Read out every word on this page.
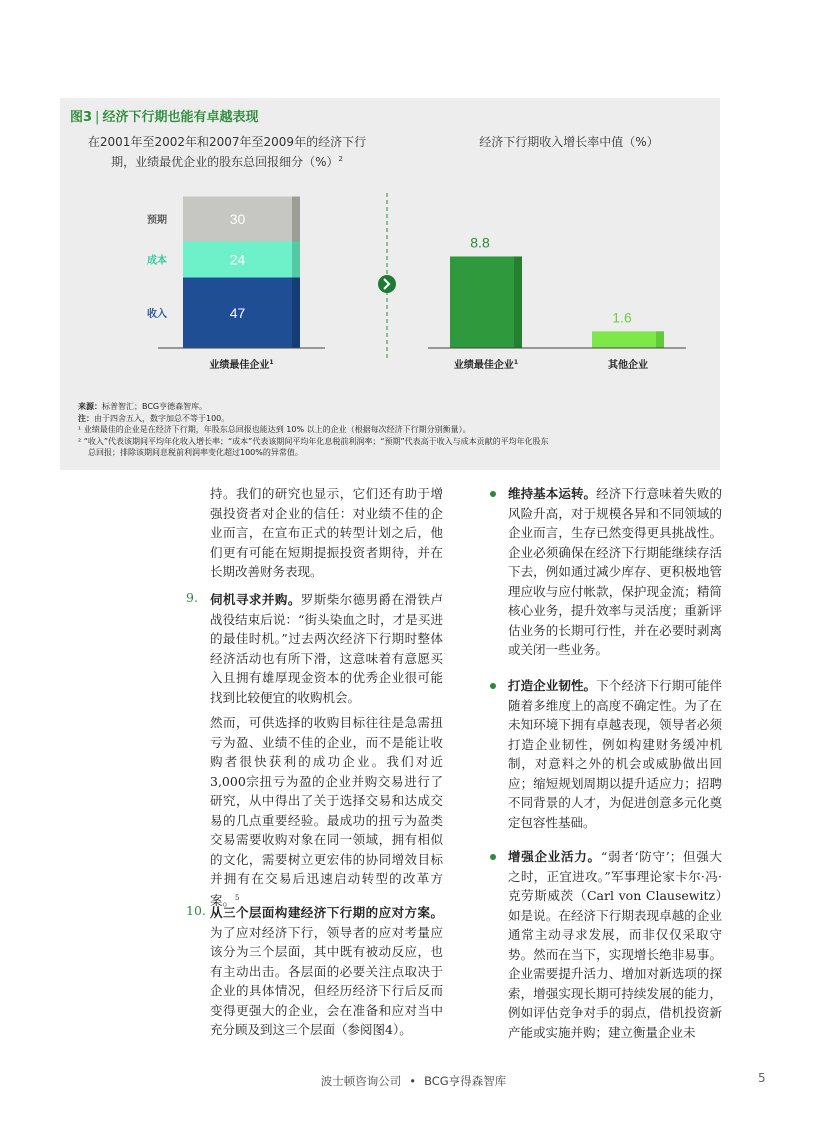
图3 | 经济下行期也能有卓越表现
在2001年至2002年和2007年至2009年的经济下行
期，业绩最优企业的股东总回报细分（%）$^2$
经济下行期收入增长率中值（%）
47
收入
24
成本
30
预期
业绩最佳企业$^1$
8.8
业绩最佳企业$^1$
1.6
其他企业

来源：标普智汇；BCG亨德森智库。

注：由于四舍五入，数字加总不等于100。

¹ 业绩最佳的企业是在经济下行期，年股东总回报也能达到 10% 以上的企业（根据每次经济下行期分别衡量）。

² “收入”代表该期间平均年化收入增长率；“成本”代表该期间平均年化息税前利润率；“预期”代表高于收入与成本贡献的平均年化股东

总回报；排除该期间息税前利润率变化超过100%的异常值。

持。我们的研究也显示，它们还有助于增强投资者对企业的信任：对业绩不佳的企业而言，在宣布正式的转型计划之后，他们更有可能在短期提振投资者期待，并在长期改善财务表现。

9. 伺机寻求并购。罗斯柴尔德男爵在滑铁卢战役结束后说：“街头染血之时，才是买进的最佳时机。”过去两次经济下行期时整体经济活动也有所下滑，这意味着有意愿买入且拥有雄厚现金资本的优秀企业很可能找到比较便宜的收购机会。

然而，可供选择的收购目标往往是急需扭亏为盈、业绩不佳的企业，而不是能让收购者很快获利的成功企业。我们对近3,000宗扭亏为盈的企业并购交易进行了研究，从中得出了关于选择交易和达成交易的几点重要经验。最成功的扭亏为盈类交易需要收购对象在同一领域，拥有相似的文化，需要树立更宏伟的协同增效目标并拥有在交易后迅速启动转型的改革方案。$^5$

10. 从三个层面构建经济下行期的应对方案。为了应对经济下行，领导者的应对考量应该分为三个层面，其中既有被动反应，也有主动出击。各层面的必要关注点取决于企业的具体情况，但经历经济下行后反而变得更强大的企业，会在准备和应对当中充分顾及到这三个层面（参阅图4）。

维持基本运转。经济下行意味着失败的风险升高，对于规模各异和不同领域的企业而言，生存已然变得更具挑战性。企业必须确保在经济下行期能继续存活下去，例如通过减少库存、更积极地管理应收与应付帐款，保护现金流；精简核心业务，提升效率与灵活度；重新评估业务的长期可行性，并在必要时剥离或关闭一些业务。

打造企业韧性。下个经济下行期可能伴随着多维度上的高度不确定性。为了在未知环境下拥有卓越表现，领导者必须打造企业韧性，例如构建财务缓冲机制，对意料之外的机会或威胁做出回应；缩短规划周期以提升适应力；招聘不同背景的人才，为促进创意多元化奠定包容性基础。

增强企业活力。“弱者‘防守’；但强大之时，正宜进攻。”军事理论家卡尔·冯·克劳斯威茨（Carl von Clausewitz）如是说。在经济下行期表现卓越的企业通常主动寻求发展，而非仅仅采取守势。然而在当下，实现增长绝非易事。企业需要提升活力、增加对新选项的探索，增强实现长期可持续发展的能力，例如评估竞争对手的弱点，借机投资新产能或实施并购；建立衡量企业未

波士顿咨询公司 • BCG亨得森智库	5
